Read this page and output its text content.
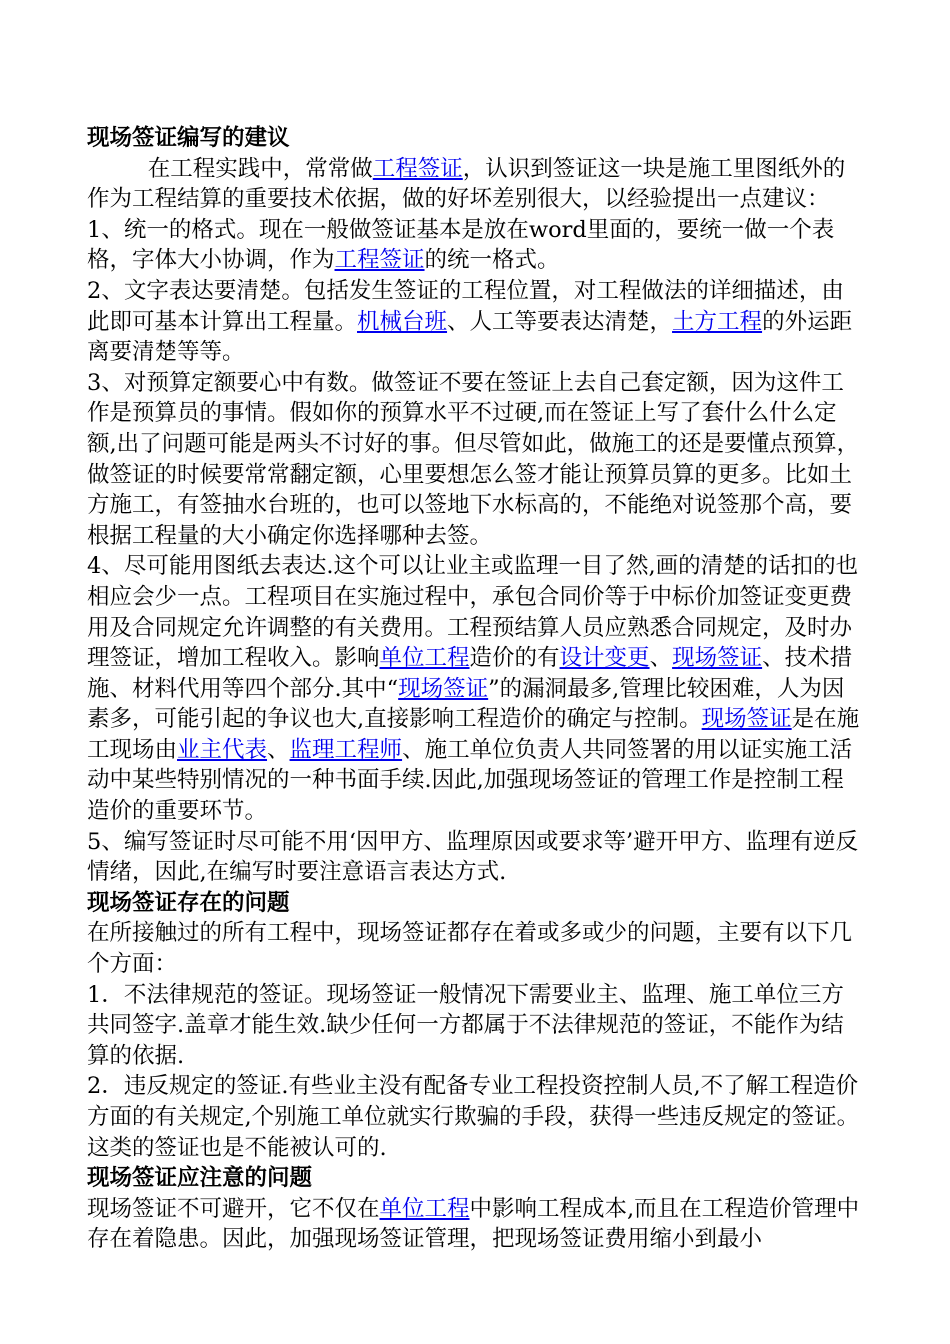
现场签证编写的建议

在工程实践中，常常做工程签证，认识到签证这一块是施工里图纸外的作为工程结算的重要技术依据，做的好坏差别很大，以经验提出一点建议：

1、统一的格式。现在一般做签证基本是放在word里面的，要统一做一个表格，字体大小协调，作为工程签证的统一格式。

2、文字表达要清楚。包括发生签证的工程位置，对工程做法的详细描述，由此即可基本计算出工程量。机械台班、人工等要表达清楚，土方工程的外运距离要清楚等等。

3、对预算定额要心中有数。做签证不要在签证上去自己套定额，因为这件工作是预算员的事情。假如你的预算水平不过硬,而在签证上写了套什么什么定额,出了问题可能是两头不讨好的事。但尽管如此，做施工的还是要懂点预算，做签证的时候要常常翻定额，心里要想怎么签才能让预算员算的更多。比如土方施工，有签抽水台班的，也可以签地下水标高的，不能绝对说签那个高，要根据工程量的大小确定你选择哪种去签。

4、尽可能用图纸去表达.这个可以让业主或监理一目了然,画的清楚的话扣的也相应会少一点。工程项目在实施过程中，承包合同价等于中标价加签证变更费用及合同规定允许调整的有关费用。工程预结算人员应熟悉合同规定，及时办理签证，增加工程收入。影响单位工程造价的有设计变更、现场签证、技术措施、材料代用等四个部分.其中“现场签证”的漏洞最多,管理比较困难，人为因素多，可能引起的争议也大,直接影响工程造价的确定与控制。现场签证是在施工现场由业主代表、监理工程师、施工单位负责人共同签署的用以证实施工活动中某些特别情况的一种书面手续.因此,加强现场签证的管理工作是控制工程造价的重要环节。

5、编写签证时尽可能不用‘因甲方、监理原因或要求等’避开甲方、监理有逆反情绪，因此,在编写时要注意语言表达方式.

现场签证存在的问题

在所接触过的所有工程中，现场签证都存在着或多或少的问题，主要有以下几个方面：

1．不法律规范的签证。现场签证一般情况下需要业主、监理、施工单位三方共同签字.盖章才能生效.缺少任何一方都属于不法律规范的签证，不能作为结算的依据.

2．违反规定的签证.有些业主没有配备专业工程投资控制人员,不了解工程造价方面的有关规定,个别施工单位就实行欺骗的手段，获得一些违反规定的签证。这类的签证也是不能被认可的.

现场签证应注意的问题

现场签证不可避开，它不仅在单位工程中影响工程成本,而且在工程造价管理中存在着隐患。因此，加强现场签证管理，把现场签证费用缩小到最小
